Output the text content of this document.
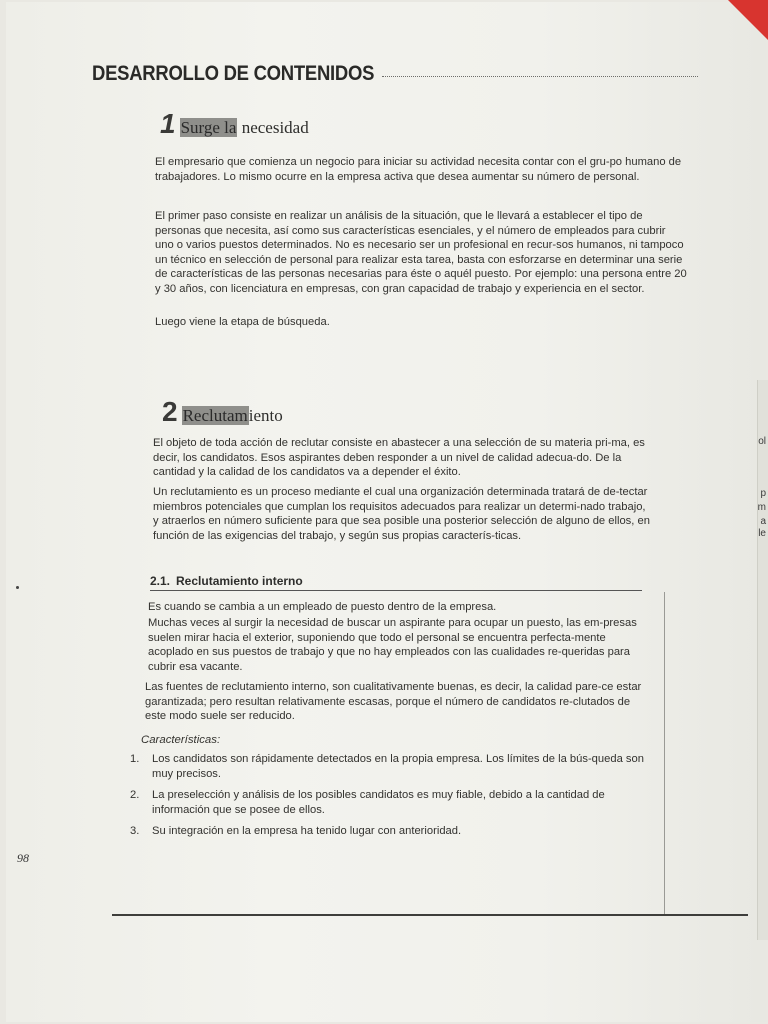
ol
p
m
a
le
DESARROLLO DE CONTENIDOS
1 Surge la necesidad

El empresario que comienza un negocio para iniciar su actividad necesita contar con el gru-po humano de trabajadores. Lo mismo ocurre en la empresa activa que desea aumentar su número de personal.

El primer paso consiste en realizar un análisis de la situación, que le llevará a establecer el tipo de personas que necesita, así como sus características esenciales, y el número de empleados para cubrir uno o varios puestos determinados. No es necesario ser un profesional en recur-sos humanos, ni tampoco un técnico en selección de personal para realizar esta tarea, basta con esforzarse en determinar una serie de características de las personas necesarias para éste o aquél puesto. Por ejemplo: una persona entre 20 y 30 años, con licenciatura en empresas, con gran capacidad de trabajo y experiencia en el sector.

Luego viene la etapa de búsqueda.

2 Reclutamiento

El objeto de toda acción de reclutar consiste en abastecer a una selección de su materia pri-ma, es decir, los candidatos. Esos aspirantes deben responder a un nivel de calidad adecua-do. De la cantidad y la calidad de los candidatos va a depender el éxito.

Un reclutamiento es un proceso mediante el cual una organización determinada tratará de de-tectar miembros potenciales que cumplan los requisitos adecuados para realizar un determi-nado trabajo, y atraerlos en número suficiente para que sea posible una posterior selección de alguno de ellos, en función de las exigencias del trabajo, y según sus propias caracterís-ticas.

2.1. Reclutamiento interno

Es cuando se cambia a un empleado de puesto dentro de la empresa.

Muchas veces al surgir la necesidad de buscar un aspirante para ocupar un puesto, las em-presas suelen mirar hacia el exterior, suponiendo que todo el personal se encuentra perfecta-mente acoplado en sus puestos de trabajo y que no hay empleados con las cualidades re-queridas para cubrir esa vacante.

Las fuentes de reclutamiento interno, son cualitativamente buenas, es decir, la calidad pare-ce estar garantizada; pero resultan relativamente escasas, porque el número de candidatos re-clutados de este modo suele ser reducido.

Características:
1. Los candidatos son rápidamente detectados en la propia empresa. Los límites de la bús-queda son muy precisos.
2. La preselección y análisis de los posibles candidatos es muy fiable, debido a la cantidad de información que se posee de ellos.
3. Su integración en la empresa ha tenido lugar con anterioridad.
98
